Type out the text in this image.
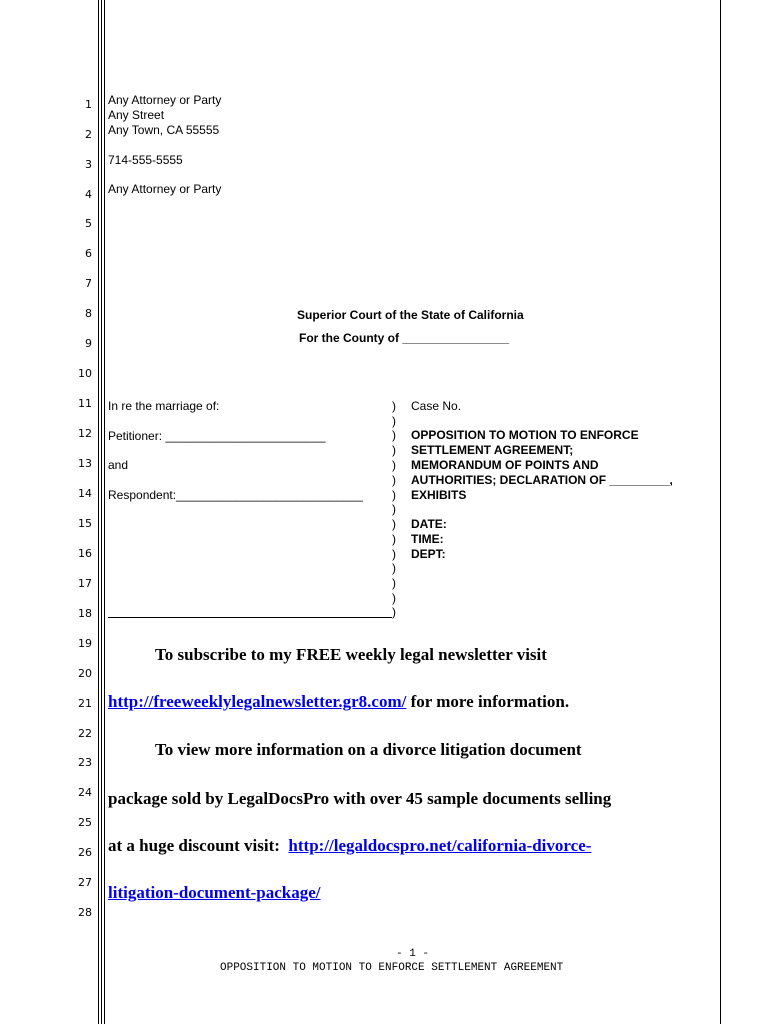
1
2
3
4
5
6
7
8
9
10
11
12
13
14
15
16
17
18
19
20
21
22
23
24
25
26
27
28
Any Attorney or Party
Any Street
Any Town, CA 55555
714-555-5555
Any Attorney or Party
Superior Court of the State of California
For the County of ________________
In re the marriage of:
Petitioner: ________________________
and
Respondent:____________________________
)
)
)
)
)
)
)
)
)
)
)
)
)
)
)
Case No.
OPPOSITION TO MOTION TO ENFORCE
SETTLEMENT AGREEMENT;
MEMORANDUM OF POINTS AND
AUTHORITIES; DECLARATION OF _________,
EXHIBITS
DATE:
TIME:
DEPT:
To subscribe to my FREE weekly legal newsletter visit
http://freeweeklylegalnewsletter.gr8.com/ for more information.
To view more information on a divorce litigation document
package sold by LegalDocsPro with over 45 sample documents selling
at a huge discount visit:  http://legaldocspro.net/california-divorce-
litigation-document-package/
- 1 -
OPPOSITION TO MOTION TO ENFORCE SETTLEMENT AGREEMENT
